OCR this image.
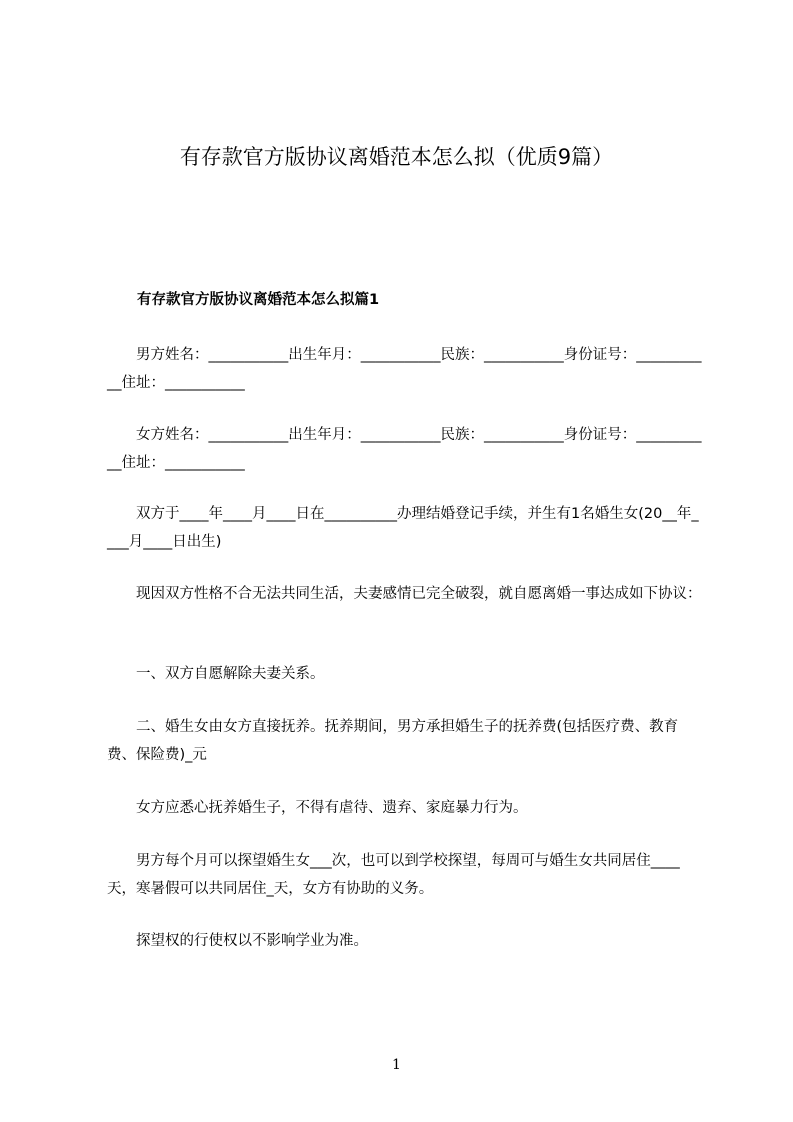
有存款官方版协议离婚范本怎么拟（优质9篇）
有存款官方版协议离婚范本怎么拟篇1

男方姓名：___________出生年月：___________民族：___________身份证号：___________住址：___________

女方姓名：___________出生年月：___________民族：___________身份证号：___________住址：___________

双方于____年____月____日在__________办理结婚登记手续，并生有1名婚生女(20__年____月____日出生)

现因双方性格不合无法共同生活，夫妻感情已完全破裂，就自愿离婚一事达成如下协议：

一、双方自愿解除夫妻关系。

二、婚生女由女方直接抚养。抚养期间，男方承担婚生子的抚养费(包括医疗费、教育费、保险费)_元

女方应悉心抚养婚生子，不得有虐待、遗弃、家庭暴力行为。

男方每个月可以探望婚生女___次，也可以到学校探望，每周可与婚生女共同居住____天，寒暑假可以共同居住_天，女方有协助的义务。

探望权的行使权以不影响学业为准。

1
